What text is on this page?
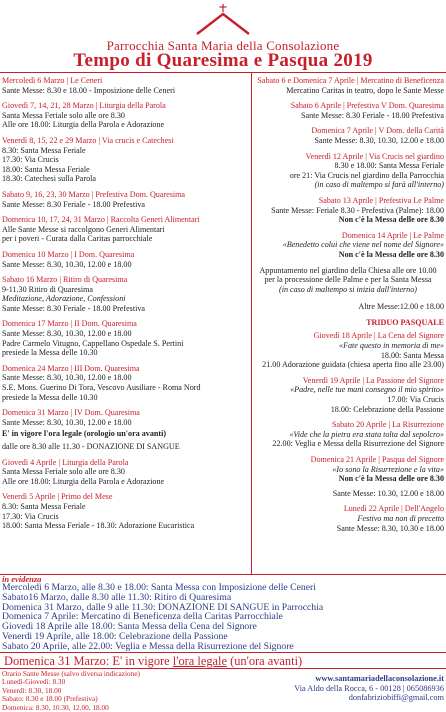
Parrocchia Santa Maria della Consolazione
Tempo di Quaresima e Pasqua 2019
Mercoledì 6 Marzo | Le Ceneri
Sante Messe: 8.30 e 18.00 - Imposizione delle Ceneri
Giovedì 7, 14, 21, 28 Marzo | Liturgia della Parola
Santa Messa Feriale solo alle ore 8.30
Alle ore 18.00: Liturgia della Parola e Adorazione
Venerdì 8, 15, 22 e 29 Marzo | Via crucis e Catechesi
8.30: Santa Messa Feriale
17.30: Via Crucis
18.00: Santa Messa Feriale
18.30: Catechesi sulla Parola
Sabato 9, 16, 23, 30 Marzo | Prefestiva Dom. Quaresima
Sante Messe: 8.30 Feriale - 18.00 Prefestiva
Domenica 10, 17, 24, 31 Marzo | Raccolta Generi Alimentari
Alle Sante Messe si raccolgono Generi Alimentari
per i poveri - Curata dalla Caritas parrocchiale
Domenica 10 Marzo | I Dom. Quaresima
Sante Messe: 8.30, 10.30, 12.00 e 18.00
Sabato 16 Marzo | Ritiro di Quaresima
9-11.30 Ritiro di Quaresima
Meditazione, Adorazione, Confessioni
Sante Messe: 8.30 Feriale - 18.00 Prefestiva
Domenica 17 Marzo | II Dom. Quaresima
Sante Messe: 8.30, 10.30, 12.00 e 18.00
Padre Carmelo Vitugno, Cappellano Ospedale S. Pertini
presiede la Messa delle 10.30
Domenica 24 Marzo | III Dom. Quaresima
Sante Messe: 8.30, 10.30, 12.00 e 18.00
S.E. Mons. Guerino Di Tora, Vescovo Ausiliare - Roma Nord
presiede la Messa delle 10.30
Domenica 31 Marzo | IV Dom. Quaresima
Sante Messe: 8.30, 10.30, 12.00 e 18.00
E' in vigore l'ora legale (orologio un'ora avanti)
dalle ore 8.30 alle 11.30 - DONAZIONE DI SANGUE
Giovedì 4 Aprile | Liturgia della Parola
Santa Messa Feriale solo alle ore 8.30
Alle ore 18.00: Liturgia della Parola e Adorazione
Venerdì 5 Aprile | Primo del Mese
8.30: Santa Messa Feriale
17.30: Via Crucis
18.00: Santa Messa Feriale - 18.30: Adorazione Eucaristica
Sabato 6 e Domenica 7 Aprile | Mercatino di Beneficenza
Mercatino Caritas in teatro, dopo le Sante Messe
Sabato 6 Aprile | Prefestiva V Dom. Quaresima
Sante Messe: 8.30 Feriale - 18.00 Prefestiva
Domenica 7 Aprile | V Dom. della Carità
Sante Messe: 8.30, 10.30, 12.00 e 18.00
Venerdì 12 Aprile | Via Crucis nel giardino
8.30 e 18.00: Santa Messa Feriale
ore 21: Via Crucis nel giardino della Parrocchia
(in caso di maltempo si farà all'interno)
Sabato 13 Aprile | Prefestiva Le Palme
Sante Messe: Feriale 8.30 - Prefestiva (Palme): 18.00
Non c'è la Messa delle ore 8.30
Domenica 14 Aprile | Le Palme
«Benedetto colui che viene nel nome del Signore»
Non c'è la Messa delle ore 8.30
Appuntamento nel giardino della Chiesa alle ore 10.00
per la processione delle Palme e per la Santa Messa
(in caso di maltempo si inizia dall'interno)
Altre Messe:12.00 e 18.00
TRIDUO PASQUALE
Giovedì 18 Aprile | La Cena del Signore
«Fate questo in memoria di me»
18.00: Santa Messa
21.00 Adorazione guidata (chiesa aperta fino alle 23.00)
Venerdì 19 Aprile | La Passione del Signore
«Padre, nelle tue mani consegno il mio spirito»
17.00: Via Crucis
18.00: Celebrazione della Passione
Sabato 20 Aprile | La Risurrezione
«Vide che la pietra era stata tolta dal sepolcro»
22.00: Veglia e Messa della Risurrezione del Signore
Domenica 21 Aprile | Pasqua del Signore
«Io sono la Risurrezione e la vita»
Non c'è la Messa delle ore 8.30
Sante Messe: 10.30, 12.00 e 18.00
Lunedì 22 Aprile | Dell'Angelo
Festivo ma non di precetto
Sante Messe: 8.30, 10.30 e 18.00
in evidenza
Mercoledì 6 Marzo, alle 8.30 e 18.00: Santa Messa con Imposizione delle Ceneri
Sabato16 Marzo, dalle 8.30 alle 11.30: Ritiro di Quaresima
Domenica 31 Marzo, dalle 9 alle 11.30: DONAZIONE DI SANGUE in Parrocchia
Domenica 7 Aprile: Mercatino di Beneficenza della Caritas Parrocchiale
Giovedì 18 Aprile alle 18.00: Santa Messa della Cena del Signore
Venerdì 19 Aprile, alle 18.00: Celebrazione della Passione
Sabato 20 Aprile, alle 22.00: Veglia e Messa della Risurrezione del Signore
Domenica 31 Marzo: E' in vigore l'ora legale (un'ora avanti)
Orario Sante Messe (salvo diversa indicazione)
Lunedì-Giovedì: 8.30
Venerdì: 8.30, 18.00
Sabato: 8.30 e 18.00 (Prefestiva)
Domenica: 8.30, 10.30, 12.00, 18.00
www.santamariadellaconsolazione.it
Via Aldo della Rocca, 6 - 00128 | 065086936
donfabriziobiffi@gmail.com
